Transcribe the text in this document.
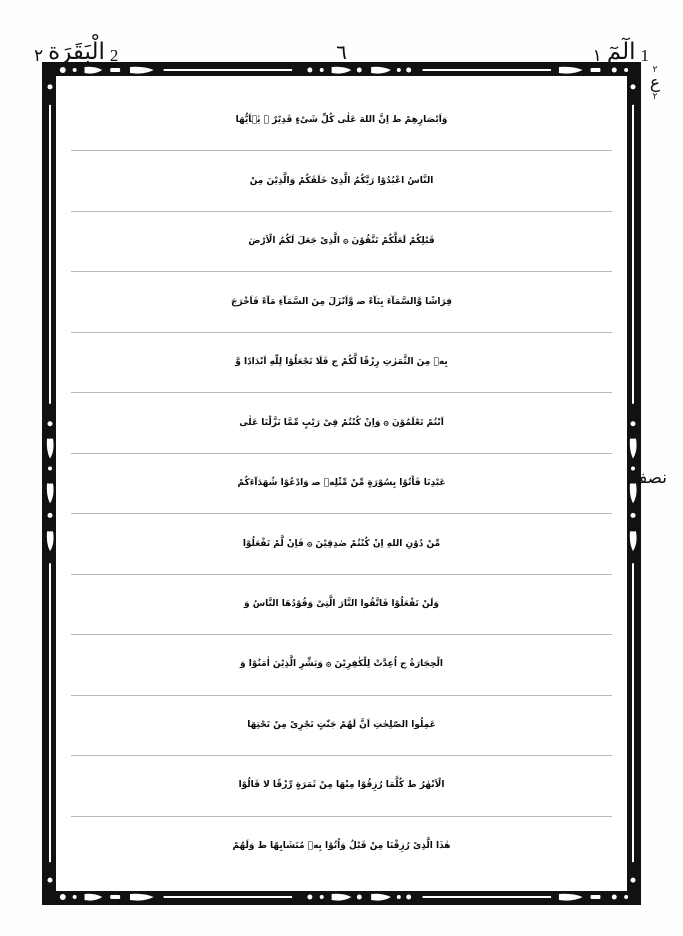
2
الْبَقَرَة
٢	٦	1
الٓمٓ
١
وَاَبْصَارِهِمْ ﻁ اِنَّ اللهَ عَلٰى كُلِّ شَىْءٍ قَدِيْرٌ ۞ يٰۤاَيُّهَا
النَّاسُ اعْبُدُوْا رَبَّكُمُ الَّذِىْ خَلَقَكُمْ وَالَّذِيْنَ مِنْ
قَبْلِكُمْ لَعَلَّكُمْ تَتَّقُوْنَ ۞ الَّذِىْ جَعَلَ لَكُمُ الْاَرْضَ
فِرَاشًا وَّالسَّمَآءَ بِنَآءً ﺻ وَّاَنْزَلَ مِنَ السَّمَآءِ مَآءً فَاَخْرَجَ
بِهٖ مِنَ الثَّمَرٰتِ رِزْقًا لَّكُمْ ﺝ فَلَا تَجْعَلُوْا لِلّٰهِ اَنْدَادًا وَّ
اَنْتُمْ تَعْلَمُوْنَ ۞ وَاِنْ كُنْتُمْ فِىْ رَيْبٍ مِّمَّا نَزَّلْنَا عَلٰى
عَبْدِنَا فَاْتُوْا بِسُوْرَةٍ مِّنْ مِّثْلِهٖ ﺻ وَادْعُوْا شُهَدَآءَكُمْ
مِّنْ دُوْنِ اللهِ اِنْ كُنْتُمْ صٰدِقِيْنَ ۞ فَاِنْ لَّمْ تَفْعَلُوْا
وَلَنْ تَفْعَلُوْا فَاتَّقُوا النَّارَ الَّتِىْ وَقُوْدُهَا النَّاسُ وَ
الْحِجَارَةُ ﺝ اُعِدَّتْ لِلْكٰفِرِيْنَ ۞ وَبَشِّرِ الَّذِيْنَ اٰمَنُوْا وَ
عَمِلُوا الصّٰلِحٰتِ اَنَّ لَهُمْ جَنّٰتٍ تَجْرِىْ مِنْ تَحْتِهَا
الْاَنْهٰرُ ﻁ كُلَّمَا رُزِقُوْا مِنْهَا مِنْ ثَمَرَةٍ رِّزْقًا ﻻ قَالُوْا
هٰذَا الَّذِىْ رُزِقْنَا مِنْ قَبْلُ وَاُتُوْا بِهٖ مُتَشَابِهًا ﻁ وَلَهُمْ
٢
ع
٢
نصف
